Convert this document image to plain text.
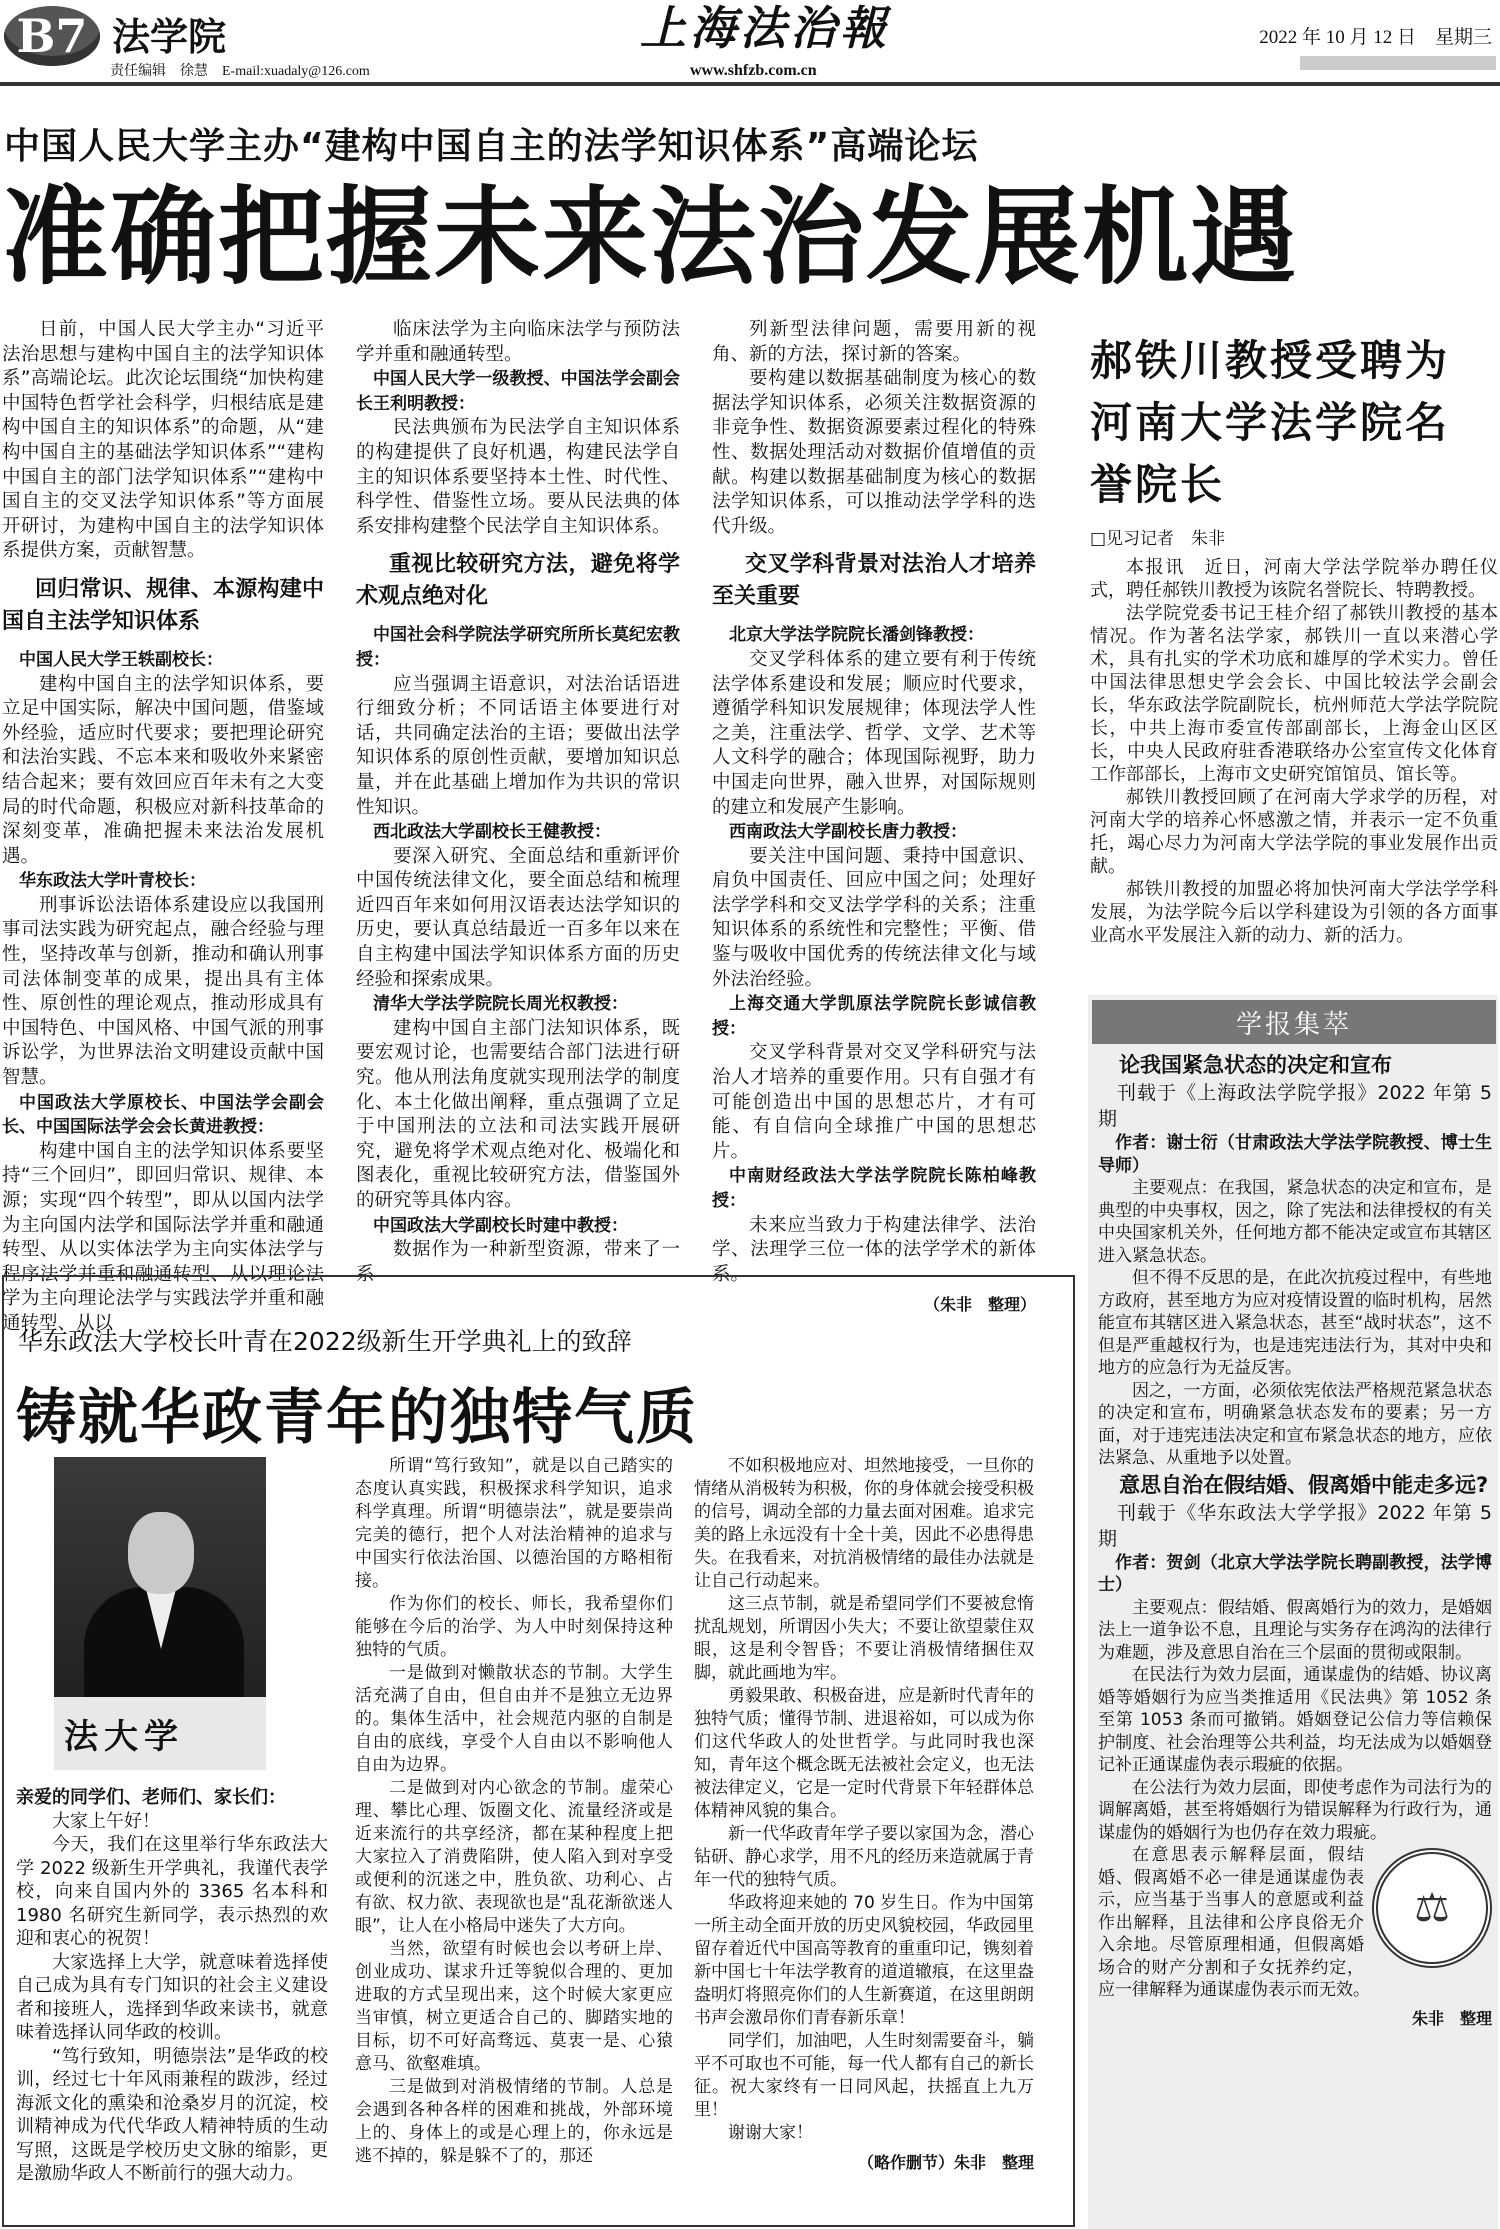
B7 法学院	上海法治報	2022 年 10 月 12 日　星期三
责任编辑　徐慧　E-mail:xuadaly@126.com	www.shfzb.com.cn
中国人民大学主办“建构中国自主的法学知识体系”高端论坛
准确把握未来法治发展机遇

日前，中国人民大学主办“习近平法治思想与建构中国自主的法学知识体系”高端论坛。此次论坛围绕“加快构建中国特色哲学社会科学，归根结底是建构中国自主的知识体系”的命题，从“建构中国自主的基础法学知识体系”“建构中国自主的部门法学知识体系”“建构中国自主的交叉法学知识体系”等方面展开研讨，为建构中国自主的法学知识体系提供方案，贡献智慧。

回归常识、规律、本源构建中国自主法学知识体系

中国人民大学王轶副校长：

建构中国自主的法学知识体系，要立足中国实际，解决中国问题，借鉴域外经验，适应时代要求；要把理论研究和法治实践、不忘本来和吸收外来紧密结合起来；要有效回应百年未有之大变局的时代命题，积极应对新科技革命的深刻变革，准确把握未来法治发展机遇。

华东政法大学叶青校长：

刑事诉讼法语体系建设应以我国刑事司法实践为研究起点，融合经验与理性，坚持改革与创新，推动和确认刑事司法体制变革的成果，提出具有主体性、原创性的理论观点，推动形成具有中国特色、中国风格、中国气派的刑事诉讼学，为世界法治文明建设贡献中国智慧。

中国政法大学原校长、中国法学会副会长、中国国际法学会会长黄进教授：

构建中国自主的法学知识体系要坚持“三个回归”，即回归常识、规律、本源；实现“四个转型”，即从以国内法学为主向国内法学和国际法学并重和融通转型、从以实体法学为主向实体法学与程序法学并重和融通转型、从以理论法学为主向理论法学与实践法学并重和融通转型、从以

临床法学为主向临床法学与预防法学并重和融通转型。

中国人民大学一级教授、中国法学会副会长王利明教授：

民法典颁布为民法学自主知识体系的构建提供了良好机遇，构建民法学自主的知识体系要坚持本土性、时代性、科学性、借鉴性立场。要从民法典的体系安排构建整个民法学自主知识体系。

重视比较研究方法，避免将学术观点绝对化

中国社会科学院法学研究所所长莫纪宏教授：

应当强调主语意识，对法治话语进行细致分析；不同话语主体要进行对话，共同确定法治的主语；要做出法学知识体系的原创性贡献，要增加知识总量，并在此基础上增加作为共识的常识性知识。

西北政法大学副校长王健教授：

要深入研究、全面总结和重新评价中国传统法律文化，要全面总结和梳理近四百年来如何用汉语表达法学知识的历史，要认真总结最近一百多年以来在自主构建中国法学知识体系方面的历史经验和探索成果。

清华大学法学院院长周光权教授：

建构中国自主部门法知识体系，既要宏观讨论，也需要结合部门法进行研究。他从刑法角度就实现刑法学的制度化、本土化做出阐释，重点强调了立足于中国刑法的立法和司法实践开展研究，避免将学术观点绝对化、极端化和图表化，重视比较研究方法，借鉴国外的研究等具体内容。

中国政法大学副校长时建中教授：

数据作为一种新型资源，带来了一系

列新型法律问题，需要用新的视角、新的方法，探讨新的答案。

要构建以数据基础制度为核心的数据法学知识体系，必须关注数据资源的非竞争性、数据资源要素过程化的特殊性、数据处理活动对数据价值增值的贡献。构建以数据基础制度为核心的数据法学知识体系，可以推动法学学科的迭代升级。

交叉学科背景对法治人才培养至关重要

北京大学法学院院长潘剑锋教授：

交叉学科体系的建立要有利于传统法学体系建设和发展；顺应时代要求，遵循学科知识发展规律；体现法学人性之美，注重法学、哲学、文学、艺术等人文科学的融合；体现国际视野，助力中国走向世界，融入世界，对国际规则的建立和发展产生影响。

西南政法大学副校长唐力教授：

要关注中国问题、秉持中国意识、肩负中国责任、回应中国之问；处理好法学学科和交叉法学学科的关系；注重知识体系的系统性和完整性；平衡、借鉴与吸收中国优秀的传统法律文化与域外法治经验。

上海交通大学凯原法学院院长彭诚信教授：

交叉学科背景对交叉学科研究与法治人才培养的重要作用。只有自强才有可能创造出中国的思想芯片，才有可能、有自信向全球推广中国的思想芯片。

中南财经政法大学法学院院长陈柏峰教授：

未来应当致力于构建法律学、法治学、法理学三位一体的法学学术的新体系。

（朱非　整理）

郝铁川教授受聘为河南大学法学院名誉院长
□见习记者　朱非

本报讯　近日，河南大学法学院举办聘任仪式，聘任郝铁川教授为该院名誉院长、特聘教授。

法学院党委书记王桂介绍了郝铁川教授的基本情况。作为著名法学家，郝铁川一直以来潜心学术，具有扎实的学术功底和雄厚的学术实力。曾任中国法律思想史学会会长、中国比较法学会副会长，华东政法学院副院长，杭州师范大学法学院院长，中共上海市委宣传部副部长，上海金山区区长，中央人民政府驻香港联络办公室宣传文化体育工作部部长，上海市文史研究馆馆员、馆长等。

郝铁川教授回顾了在河南大学求学的历程，对河南大学的培养心怀感激之情，并表示一定不负重托，竭心尽力为河南大学法学院的事业发展作出贡献。

郝铁川教授的加盟必将加快河南大学法学学科发展，为法学院今后以学科建设为引领的各方面事业高水平发展注入新的动力、新的活力。

学报集萃

论我国紧急状态的决定和宣布

刊载于《上海政法学院学报》2022 年第 5 期

作者：谢士衍（甘肃政法大学法学院教授、博士生导师）

主要观点：在我国，紧急状态的决定和宣布，是典型的中央事权，因之，除了宪法和法律授权的有关中央国家机关外，任何地方都不能决定或宣布其辖区进入紧急状态。

但不得不反思的是，在此次抗疫过程中，有些地方政府，甚至地方为应对疫情设置的临时机构，居然能宣布其辖区进入紧急状态，甚至“战时状态”，这不但是严重越权行为，也是违宪违法行为，其对中央和地方的应急行为无益反害。

因之，一方面，必须依宪依法严格规范紧急状态的决定和宣布，明确紧急状态发布的要素；另一方面，对于违宪违法决定和宣布紧急状态的地方，应依法紧急、从重地予以处置。

意思自治在假结婚、假离婚中能走多远?

刊载于《华东政法大学学报》2022 年第 5 期

作者：贺剑（北京大学法学院长聘副教授，法学博士）

主要观点：假结婚、假离婚行为的效力，是婚姻法上一道争讼不息，且理论与实务存在鸿沟的法律行为难题，涉及意思自治在三个层面的贯彻或限制。

在民法行为效力层面，通谋虚伪的结婚、协议离婚等婚姻行为应当类推适用《民法典》第 1052 条至第 1053 条而可撤销。婚姻登记公信力等信赖保护制度、社会治理等公共利益，均无法成为以婚姻登记补正通谋虚伪表示瑕疵的依据。

在公法行为效力层面，即使考虑作为司法行为的调解离婚，甚至将婚姻行为错误解释为行政行为，通谋虚伪的婚姻行为也仍存在效力瑕疵。

⚖

在意思表示解释层面，假结婚、假离婚不必一律是通谋虚伪表示，应当基于当事人的意愿或利益作出解释，且法律和公序良俗无介入余地。尽管原理相通，但假离婚场合的财产分割和子女抚养约定，应一律解释为通谋虚伪表示而无效。

朱非　整理

华东政法大学校长叶青在2022级新生开学典礼上的致辞
铸就华政青年的独特气质
法大学

亲爱的同学们、老师们、家长们：

大家上午好！

今天，我们在这里举行华东政法大学 2022 级新生开学典礼，我谨代表学校，向来自国内外的 3365 名本科和 1980 名研究生新同学，表示热烈的欢迎和衷心的祝贺！

大家选择上大学，就意味着选择使自己成为具有专门知识的社会主义建设者和接班人，选择到华政来读书，就意味着选择认同华政的校训。

“笃行致知，明德崇法”是华政的校训，经过七十年风雨兼程的跋涉，经过海派文化的熏染和沧桑岁月的沉淀，校训精神成为代代华政人精神特质的生动写照，这既是学校历史文脉的缩影，更是激励华政人不断前行的强大动力。

所谓“笃行致知”，就是以自己踏实的态度认真实践，积极探求科学知识，追求科学真理。所谓“明德崇法”，就是要崇尚完美的德行，把个人对法治精神的追求与中国实行依法治国、以德治国的方略相衔接。

作为你们的校长、师长，我希望你们能够在今后的治学、为人中时刻保持这种独特的气质。

一是做到对懒散状态的节制。大学生活充满了自由，但自由并不是独立无边界的。集体生活中，社会规范内驱的自制是自由的底线，享受个人自由以不影响他人自由为边界。

二是做到对内心欲念的节制。虚荣心理、攀比心理、饭圈文化、流量经济或是近来流行的共享经济，都在某种程度上把大家拉入了消费陷阱，使人陷入到对享受或便利的沉迷之中，胜负欲、功利心、占有欲、权力欲、表现欲也是“乱花渐欲迷人眼”，让人在小格局中迷失了大方向。

当然，欲望有时候也会以考研上岸、创业成功、谋求升迁等貌似合理的、更加进取的方式呈现出来，这个时候大家更应当审慎，树立更适合自己的、脚踏实地的目标，切不可好高骛远、莫衷一是、心猿意马、欲壑难填。

三是做到对消极情绪的节制。人总是会遇到各种各样的困难和挑战，外部环境上的、身体上的或是心理上的，你永远是逃不掉的，躲是躲不了的，那还

不如积极地应对、坦然地接受，一旦你的情绪从消极转为积极，你的身体就会接受积极的信号，调动全部的力量去面对困难。追求完美的路上永远没有十全十美，因此不必患得患失。在我看来，对抗消极情绪的最佳办法就是让自己行动起来。

这三点节制，就是希望同学们不要被怠惰扰乱规划，所谓因小失大；不要让欲望蒙住双眼，这是利令智昏；不要让消极情绪捆住双脚，就此画地为牢。

勇毅果敢、积极奋进，应是新时代青年的独特气质；懂得节制、进退裕如，可以成为你们这代华政人的处世哲学。与此同时我也深知，青年这个概念既无法被社会定义，也无法被法律定义，它是一定时代背景下年轻群体总体精神风貌的集合。

新一代华政青年学子要以家国为念，潜心钻研、静心求学，用不凡的经历来造就属于青年一代的独特气质。

华政将迎来她的 70 岁生日。作为中国第一所主动全面开放的历史风貌校园，华政园里留存着近代中国高等教育的重重印记，镌刻着新中国七十年法学教育的道道辙痕，在这里盎盎明灯将照亮你们的人生新赛道，在这里朗朗书声会激昂你们青春新乐章！

同学们，加油吧，人生时刻需要奋斗，躺平不可取也不可能，每一代人都有自己的新长征。祝大家终有一日同风起，扶摇直上九万里！

谢谢大家！

（略作删节）朱非　整理
